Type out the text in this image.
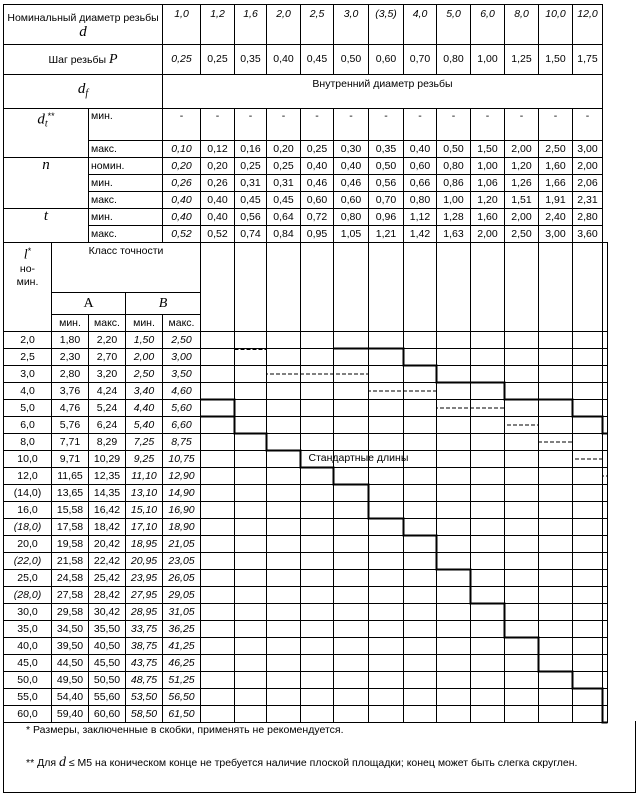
Номинальный диаметр резьбы
d				1,0	1,2	1,6	2,0	2,5	3,0	(3,5)	4,0	5,0	6,0	8,0	10,0	12,0	
Шаг резьбы P				0,25	0,25	0,35	0,40	0,45	0,50	0,60	0,70	0,80	1,00	1,25	1,50	1,75	
$d_f$				Внутренний диаметр резьбы													
$d_t^{**}$		мин.		-	-	-	-	-	-	-	-	-	-	-	-	-	
		макс.		0,10	0,12	0,16	0,20	0,25	0,30	0,35	0,40	0,50	1,50	2,00	2,50	3,00	
n		номин.		0,20	0,20	0,25	0,25	0,40	0,40	0,50	0,60	0,80	1,00	1,20	1,60	2,00	
		мин.		0,26	0,26	0,31	0,31	0,46	0,46	0,56	0,66	0,86	1,06	1,26	1,66	2,06	
		макс.		0,40	0,40	0,45	0,45	0,60	0,60	0,70	0,80	1,00	1,20	1,51	1,91	2,31	
t		мин.		0,40	0,40	0,56	0,64	0,72	0,80	0,96	1,12	1,28	1,60	2,00	2,40	2,80	
		макс.		0,52	0,52	0,74	0,84	0,95	1,05	1,21	1,42	1,63	2,00	2,50	3,00	3,60	

l*
но-
мин.	Класс точности																
	A		B														
	мин.	макс.	мин.	макс.													
2,0	1,80	2,20	1,50	2,50													
2,5	2,30	2,70	2,00	3,00													
3,0	2,80	3,20	2,50	3,50													
4,0	3,76	4,24	3,40	4,60													
5,0	4,76	5,24	4,40	5,60													
6,0	5,76	6,24	5,40	6,60													
8,0	7,71	8,29	7,25	8,75													
10,0	9,71	10,29	9,25	10,75													
12,0	11,65	12,35	11,10	12,90													
(14,0)	13,65	14,35	13,10	14,90													
16,0	15,58	16,42	15,10	16,90													
(18,0)	17,58	18,42	17,10	18,90													
20,0	19,58	20,42	18,95	21,05													
(22,0)	21,58	22,42	20,95	23,05													
25,0	24,58	25,42	23,95	26,05													
(28,0)	27,58	28,42	27,95	29,05													
30,0	29,58	30,42	28,95	31,05													
35,0	34,50	35,50	33,75	36,25													
40,0	39,50	40,50	38,75	41,25													
45,0	44,50	45,50	43,75	46,25													
50,0	49,50	50,50	48,75	51,25													
55,0	54,40	55,60	53,50	56,50													
60,0	59,40	60,60	58,50	61,50													
* Размеры, заключенные в скобки, применять не рекомендуется.
** Для d ≤ М5 на коническом конце не требуется наличие плоской площадки; конец может быть слегка скруглен.
Стандартные длины
